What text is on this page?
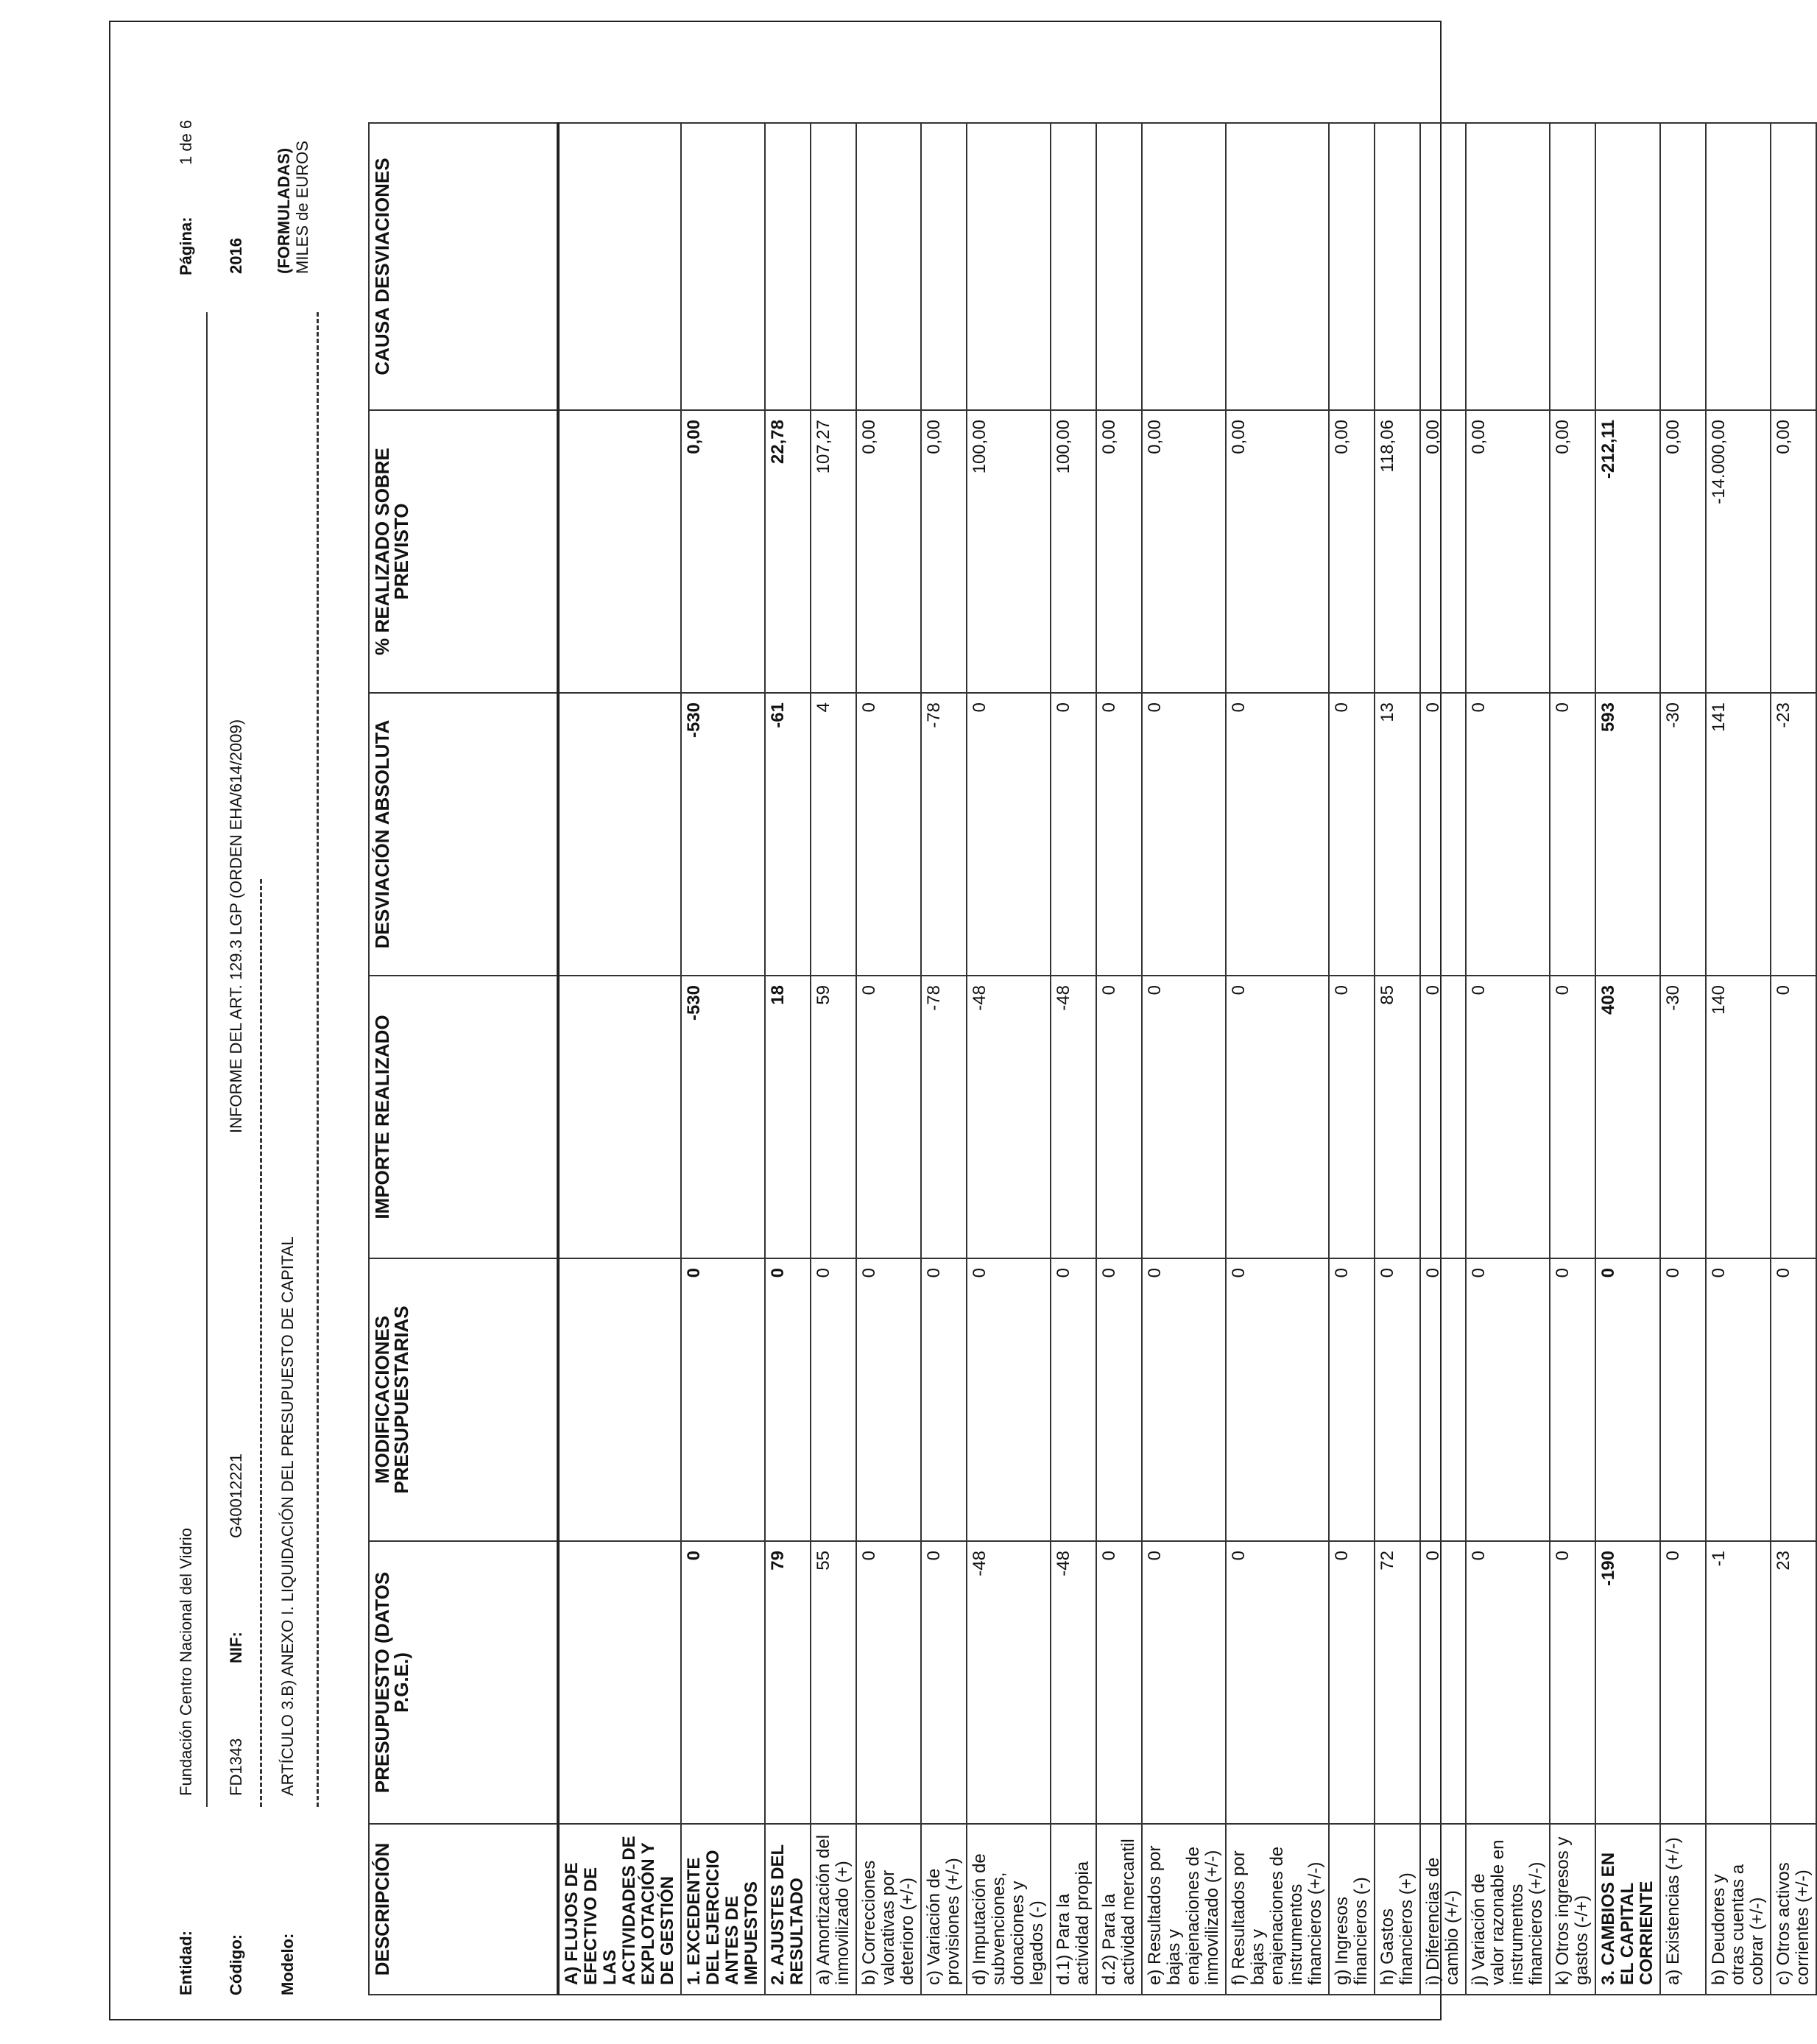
Entidad:
Fundación Centro Nacional del Vidrio
Página:
1 de 6
Código:
FD1343
NIF:
G40012221
INFORME DEL ART. 129.3 LGP (ORDEN EHA/614/2009)
2016
Modelo:
ARTÍCULO 3.B) ANEXO I. LIQUIDACIÓN DEL PRESUPUESTO DE CAPITAL
(FORMULADAS) MILES de EUROS
DESCRIPCIÓN	PRESUPUESTO (DATOS P.G.E.)	MODIFICACIONES PRESUPUESTARIAS	IMPORTE REALIZADO	DESVIACIÓN ABSOLUTA	% REALIZADO SOBRE PREVISTO	CAUSA DESVIACIONES
A) FLUJOS DE EFECTIVO DE LAS ACTIVIDADES DE EXPLOTACIÓN Y DE GESTIÓN						
1. EXCEDENTE DEL EJERCICIO ANTES DE IMPUESTOS	0	0	-530	-530	0,00	
2. AJUSTES DEL RESULTADO	79	0	18	-61	22,78	
a) Amortización del inmovilizado (+)	55	0	59	4	107,27	
b) Correcciones valorativas por deterioro (+/-)	0	0	0	0	0,00	
c) Variación de provisiones (+/-)	0	0	-78	-78	0,00	
d) Imputación de subvenciones, donaciones y legados (-)	-48	0	-48	0	100,00	
d.1) Para la actividad propia	-48	0	-48	0	100,00	
d.2) Para la actividad mercantil	0	0	0	0	0,00	
e) Resultados por bajas y enajenaciones de inmovilizado (+/-)	0	0	0	0	0,00	
f) Resultados por bajas y enajenaciones de instrumentos financieros (+/-)	0	0	0	0	0,00	
g) Ingresos financieros (-)	0	0	0	0	0,00	
h) Gastos financieros (+)	72	0	85	13	118,06	
i) Diferencias de cambio (+/-)	0	0	0	0	0,00	
j) Variación de valor razonable en instrumentos financieros (+/-)	0	0	0	0	0,00	
k) Otros ingresos y gastos (-/+)	0	0	0	0	0,00	
3. CAMBIOS EN EL CAPITAL CORRIENTE	-190	0	403	593	-212,11	
a) Existencias (+/-)	0	0	-30	-30	0,00	
b) Deudores y otras cuentas a cobrar (+/-)	-1	0	140	141	-14.000,00	
c) Otros activos corrientes (+/-)	23	0	0	-23	0,00	
